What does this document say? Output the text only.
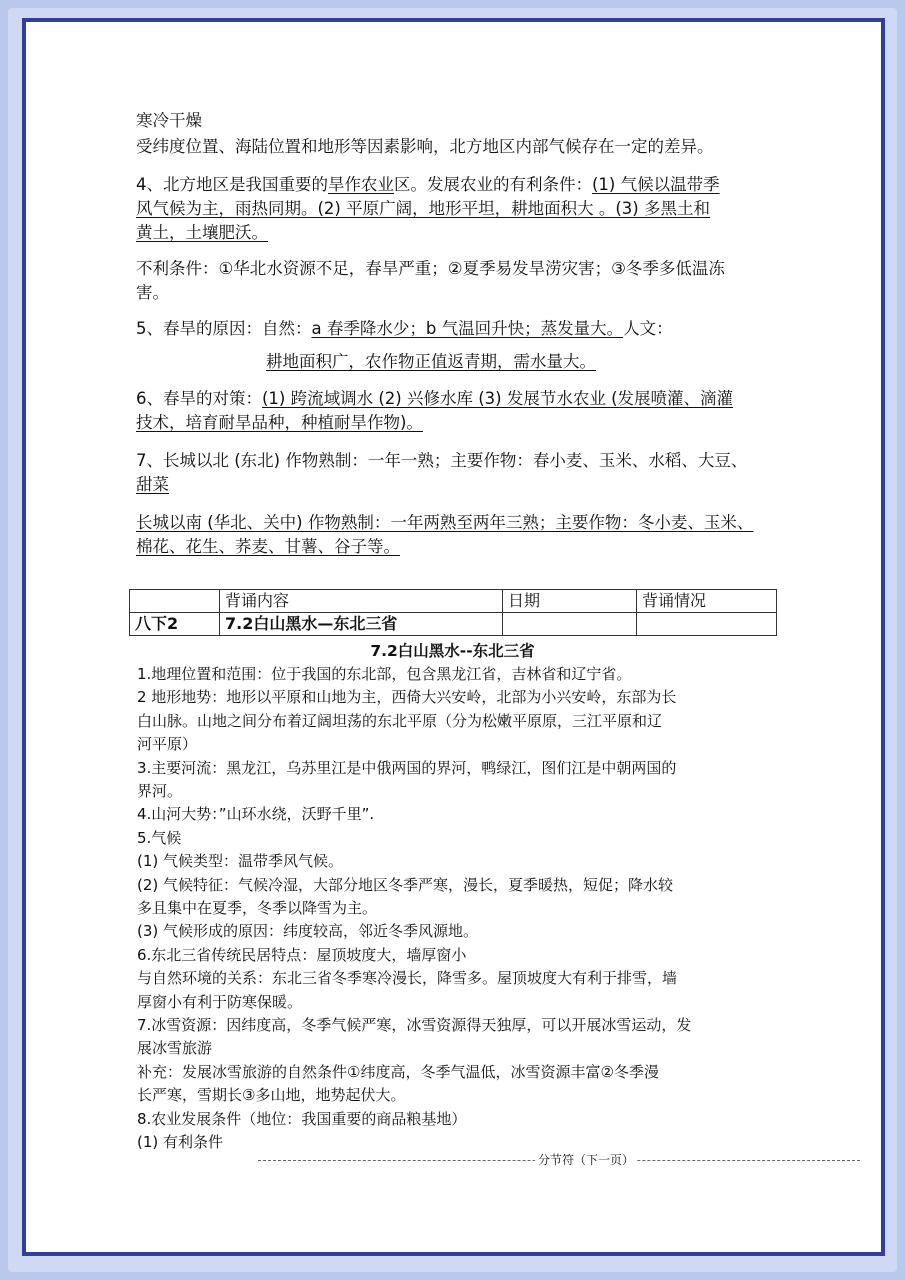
寒冷干燥
受纬度位置、海陆位置和地形等因素影响，北方地区内部气候存在一定的差异。
4、北方地区是我国重要的旱作农业区。发展农业的有利条件：(1) 气候以温带季
风气候为主，雨热同期。(2) 平原广阔，地形平坦，耕地面积大 。(3) 多黑土和
黄土，土壤肥沃。
不利条件：①华北水资源不足，春旱严重；②夏季易发旱涝灾害；③冬季多低温冻
害。
5、春旱的原因：自然：a 春季降水少；b 气温回升快；蒸发量大。人文：
耕地面积广，农作物正值返青期，需水量大。
6、春旱的对策：(1) 跨流域调水 (2) 兴修水库 (3) 发展节水农业 (发展喷灌、滴灌
技术，培育耐旱品种，种植耐旱作物)。
7、长城以北 (东北) 作物熟制：一年一熟；主要作物：春小麦、玉米、水稻、大豆、
甜菜
长城以南 (华北、关中) 作物熟制：一年两熟至两年三熟；主要作物：冬小麦、玉米、
棉花、花生、荞麦、甘薯、谷子等。
	背诵内容	日期	背诵情况
八下2	7.2白山黑水—东北三省		
7.2白山黑水--东北三省
1.地理位置和范围：位于我国的东北部，包含黑龙江省，吉林省和辽宁省。
2 地形地势：地形以平原和山地为主，西倚大兴安岭，北部为小兴安岭，东部为长
白山脉。山地之间分布着辽阔坦荡的东北平原（分为松嫩平原原，三江平原和辽
河平原）
3.主要河流：黑龙江，乌苏里江是中俄两国的界河，鸭绿江，图们江是中朝两国的
界河。
4.山河大势：”山环水绕，沃野千里”.
5.气候
(1) 气候类型：温带季风气候。
(2) 气候特征：气候冷湿，大部分地区冬季严寒，漫长，夏季暖热，短促；降水较
多且集中在夏季，冬季以降雪为主。
(3) 气候形成的原因：纬度较高，邻近冬季风源地。
6.东北三省传统民居特点：屋顶坡度大，墙厚窗小
与自然环境的关系：东北三省冬季寒冷漫长，降雪多。屋顶坡度大有利于排雪，墙
厚窗小有利于防寒保暖。
7.冰雪资源：因纬度高，冬季气候严寒，冰雪资源得天独厚，可以开展冰雪运动，发
展冰雪旅游
补充：发展冰雪旅游的自然条件①纬度高，冬季气温低，冰雪资源丰富②冬季漫
长严寒，雪期长③多山地，地势起伏大。
8.农业发展条件（地位：我国重要的商品粮基地）
(1) 有利条件
分节符（下一页）
